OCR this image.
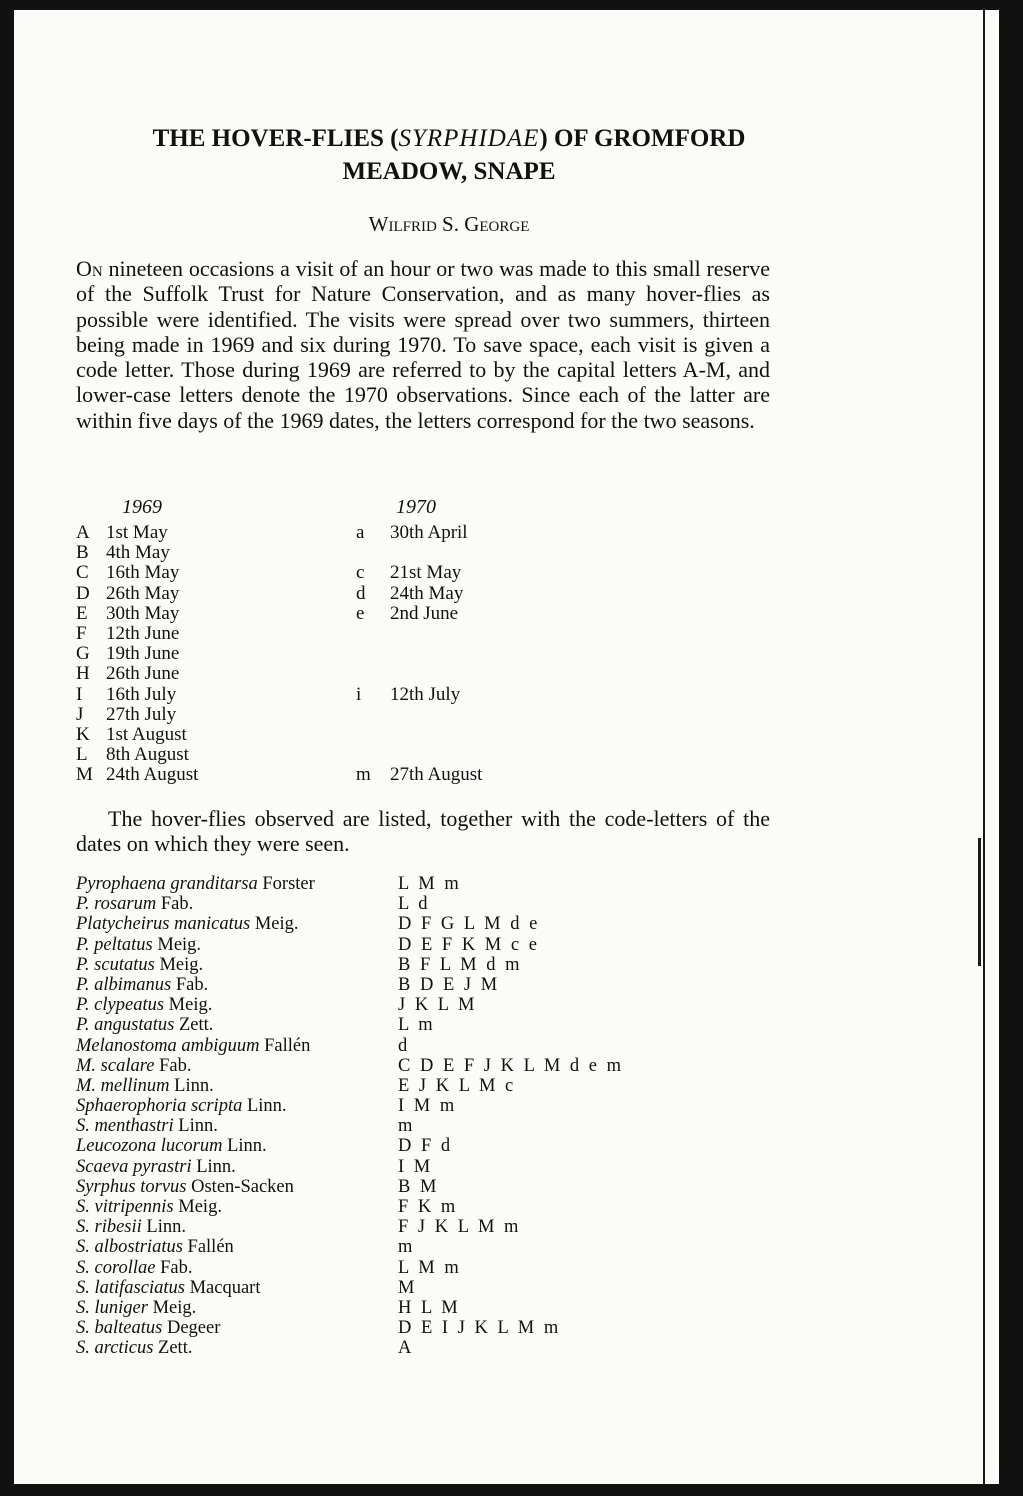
THE HOVER-FLIES (SYRPHIDAE) OF GROMFORD
MEADOW, SNAPE
Wilfrid S. George

On nineteen occasions a visit of an hour or two was made to this small reserve of the Suffolk Trust for Nature Conservation, and as many hover-flies as possible were identified. The visits were spread over two summers, thirteen being made in 1969 and six during 1970. To save space, each visit is given a code letter. Those during 1969 are referred to by the capital letters A-M, and lower-case letters denote the 1970 observations. Since each of the latter are within five days of the 1969 dates, the letters correspond for the two seasons.

1969	1970
A 1st May	a 30th April
B 4th May
C 16th May	c 21st May
D 26th May	d 24th May
E 30th May	e 2nd June
F 12th June
G 19th June
H 26th June
I 16th July	i 12th July
J 27th July
K 1st August
L 8th August
M 24th August	m 27th August

The hover-flies observed are listed, together with the code-letters of the dates on which they were seen.

Pyrophaena granditarsa Forster	L M m
P. rosarum Fab.	L d
Platycheirus manicatus Meig.	D F G L M d e
P. peltatus Meig.	D E F K M c e
P. scutatus Meig.	B F L M d m
P. albimanus Fab.	B D E J M
P. clypeatus Meig.	J K L M
P. angustatus Zett.	L m
Melanostoma ambiguum Fallén	d
M. scalare Fab.	C D E F J K L M d e m
M. mellinum Linn.	E J K L M c
Sphaerophoria scripta Linn.	I M m
S. menthastri Linn.	m
Leucozona lucorum Linn.	D F d
Scaeva pyrastri Linn.	I M
Syrphus torvus Osten-Sacken	B M
S. vitripennis Meig.	F K m
S. ribesii Linn.	F J K L M m
S. albostriatus Fallén	m
S. corollae Fab.	L M m
S. latifasciatus Macquart	M
S. luniger Meig.	H L M
S. balteatus Degeer	D E I J K L M m
S. arcticus Zett.	A
